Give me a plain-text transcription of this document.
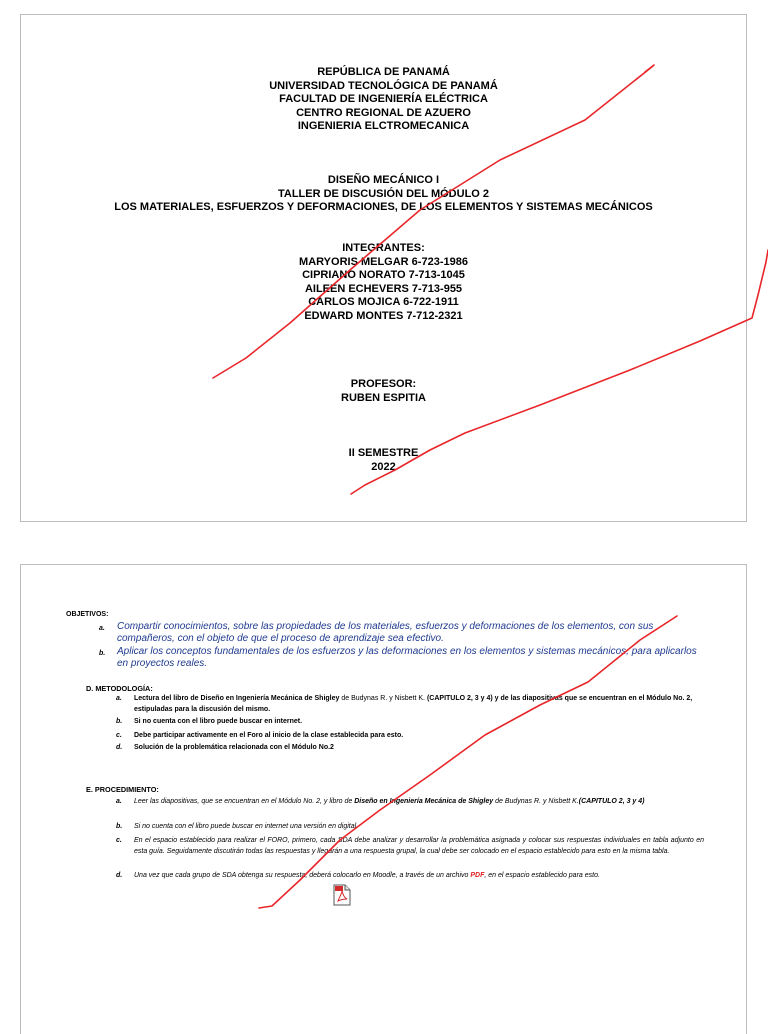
REPÚBLICA DE PANAMÁ
UNIVERSIDAD TECNOLÓGICA DE PANAMÁ
FACULTAD DE INGENIERÍA ELÉCTRICA
CENTRO REGIONAL DE AZUERO
INGENIERIA ELCTROMECANICA
DISEÑO MECÁNICO I
TALLER DE DISCUSIÓN DEL MÓDULO 2
LOS MATERIALES, ESFUERZOS Y DEFORMACIONES, DE LOS ELEMENTOS Y SISTEMAS MECÁNICOS
INTEGRANTES:
MARYORIS MELGAR 6-723-1986
CIPRIANO NORATO 7-713-1045
AILEEN ECHEVERS 7-713-955
CARLOS MOJICA 6-722-1911
EDWARD MONTES 7-712-2321
PROFESOR:
RUBEN ESPITIA
II SEMESTRE
2022
OBJETIVOS:
a. Compartir conocimientos, sobre las propiedades de los materiales, esfuerzos y deformaciones de los elementos, con sus compañeros, con el objeto de que el proceso de aprendizaje sea efectivo.
b. Aplicar los conceptos fundamentales de los esfuerzos y las deformaciones en los elementos y sistemas mecánicos, para aplicarlos en proyectos reales.
D. METODOLOGÍA:
a. Lectura del libro de Diseño en Ingeniería Mecánica de Shigley de Budynas R. y Nisbett K. (CAPITULO 2, 3 y 4) y de las diapositivas que se encuentran en el Módulo No. 2, estipuladas para la discusión del mismo.
b. Si no cuenta con el libro puede buscar en internet.
c. Debe participar activamente en el Foro al inicio de la clase establecida para esto.
d. Solución de la problemática relacionada con el Módulo No.2
E. PROCEDIMIENTO:
a. Leer las diapositivas, que se encuentran en el Módulo No. 2, y libro de Diseño en Ingeniería Mecánica de Shigley de Budynas R. y Nisbett K.(CAPITULO 2, 3 y 4)
b. Si no cuenta con el libro puede buscar en internet una versión en digital.
c. En el espacio establecido para realizar el FORO, primero, cada SDA debe analizar y desarrollar la problemática asignada y colocar sus respuestas individuales en tabla adjunto en esta guía. Seguidamente discutirán todas las respuestas y llegarán a una respuesta grupal, la cual debe ser colocado en el espacio establecido para esto en la misma tabla.
d. Una vez que cada grupo de SDA obtenga su respuesta, deberá colocarlo en Moodle, a través de un archivo PDF, en el espacio establecido para esto.
